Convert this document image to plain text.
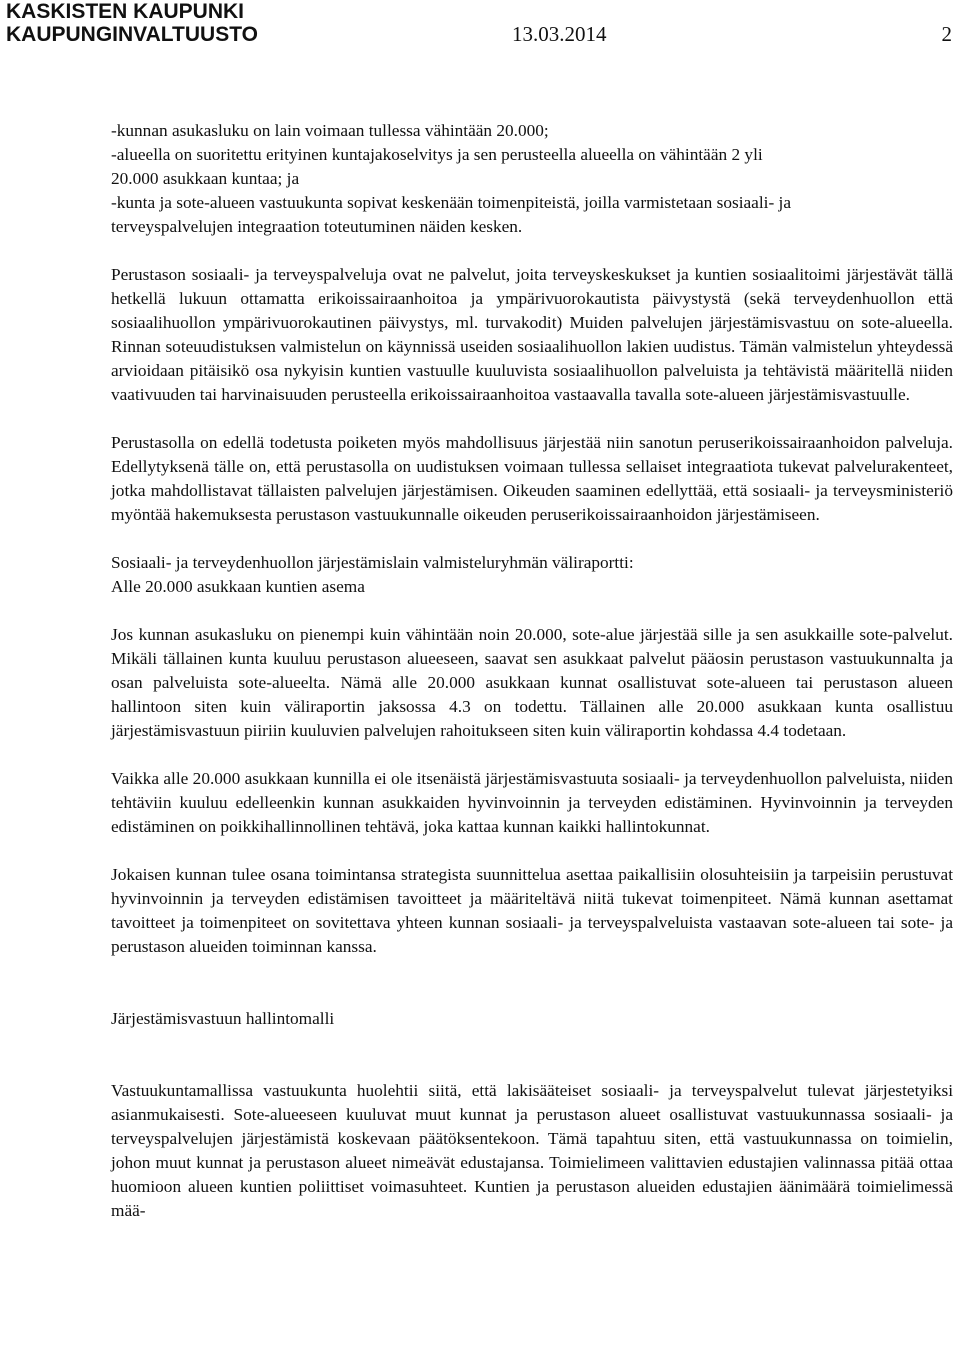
KASKISTEN KAUPUNKI
KAUPUNGINVALTUUSTO	13.03.2014	2

-kunnan asukasluku on lain voimaan tullessa vähintään 20.000;
-alueella on suoritettu erityinen kuntajakoselvitys ja sen perusteella alueella on vähintään 2 yli
20.000 asukkaan kuntaa; ja
-kunta ja sote-alueen vastuukunta sopivat keskenään toimenpiteistä, joilla varmistetaan sosiaali- ja
terveyspalvelujen integraation toteutuminen näiden kesken.

Perustason sosiaali- ja terveyspalveluja ovat ne palvelut, joita terveyskeskukset ja kuntien sosiaalitoimi järjestävät tällä hetkellä lukuun ottamatta erikoissairaanhoitoa ja ympärivuorokautista päivystystä (sekä terveydenhuollon että sosiaalihuollon ympärivuorokautinen päivystys, ml. turvakodit) Muiden palvelujen järjestämisvastuu on sote-alueella. Rinnan soteuudistuksen valmistelun on käynnissä useiden sosiaalihuollon lakien uudistus. Tämän valmistelun yhteydessä arvioidaan pitäisikö osa nykyisin kuntien vastuulle kuuluvista sosiaalihuollon palveluista ja tehtävistä määritellä niiden vaativuuden tai harvinaisuuden perusteella erikoissairaanhoitoa vastaavalla tavalla sote-alueen järjestämisvastuulle.

Perustasolla on edellä todetusta poiketen myös mahdollisuus järjestää niin sanotun peruserikoissairaanhoidon palveluja. Edellytyksenä tälle on, että perustasolla on uudistuksen voimaan tullessa sellaiset integraatiota tukevat palvelurakenteet, jotka mahdollistavat tällaisten palvelujen järjestämisen. Oikeuden saaminen edellyttää, että sosiaali- ja terveysministeriö myöntää hakemuksesta perustason vastuukunnalle oikeuden peruserikoissairaanhoidon järjestämiseen.

Sosiaali- ja terveydenhuollon järjestämislain valmisteluryhmän väliraportti:
Alle 20.000 asukkaan kuntien asema

Jos kunnan asukasluku on pienempi kuin vähintään noin 20.000, sote-alue järjestää sille ja sen asukkaille sote-palvelut. Mikäli tällainen kunta kuuluu perustason alueeseen, saavat sen asukkaat palvelut pääosin perustason vastuukunnalta ja osan palveluista sote-alueelta. Nämä alle 20.000 asukkaan kunnat osallistuvat sote-alueen tai perustason alueen hallintoon siten kuin väliraportin jaksossa 4.3 on todettu. Tällainen alle 20.000 asukkaan kunta osallistuu järjestämisvastuun piiriin kuuluvien palvelujen rahoitukseen siten kuin väliraportin kohdassa 4.4 todetaan.

Vaikka alle 20.000 asukkaan kunnilla ei ole itsenäistä järjestämisvastuuta sosiaali- ja terveydenhuollon palveluista, niiden tehtäviin kuuluu edelleenkin kunnan asukkaiden hyvinvoinnin ja terveyden edistäminen. Hyvinvoinnin ja terveyden edistäminen on poikkihallinnollinen tehtävä, joka kattaa kunnan kaikki hallintokunnat.

Jokaisen kunnan tulee osana toimintansa strategista suunnittelua asettaa paikallisiin olosuhteisiin ja tarpeisiin perustuvat hyvinvoinnin ja terveyden edistämisen tavoitteet ja määriteltävä niitä tukevat toimenpiteet. Nämä kunnan asettamat tavoitteet ja toimenpiteet on sovitettava yhteen kunnan sosiaali- ja terveyspalveluista vastaavan sote-alueen tai sote- ja perustason alueiden toiminnan kanssa.

Järjestämisvastuun hallintomalli

Vastuukuntamallissa vastuukunta huolehtii siitä, että lakisääteiset sosiaali- ja terveyspalvelut tulevat järjestetyiksi asianmukaisesti. Sote-alueeseen kuuluvat muut kunnat ja perustason alueet osallistuvat vastuukunnassa sosiaali- ja terveyspalvelujen järjestämistä koskevaan päätöksentekoon. Tämä tapahtuu siten, että vastuukunnassa on toimielin, johon muut kunnat ja perustason alueet nimeävät edustajansa. Toimielimeen valittavien edustajien valinnassa pitää ottaa huomioon alueen kuntien poliittiset voimasuhteet. Kuntien ja perustason alueiden edustajien äänimäärä toimielimessä mää-
